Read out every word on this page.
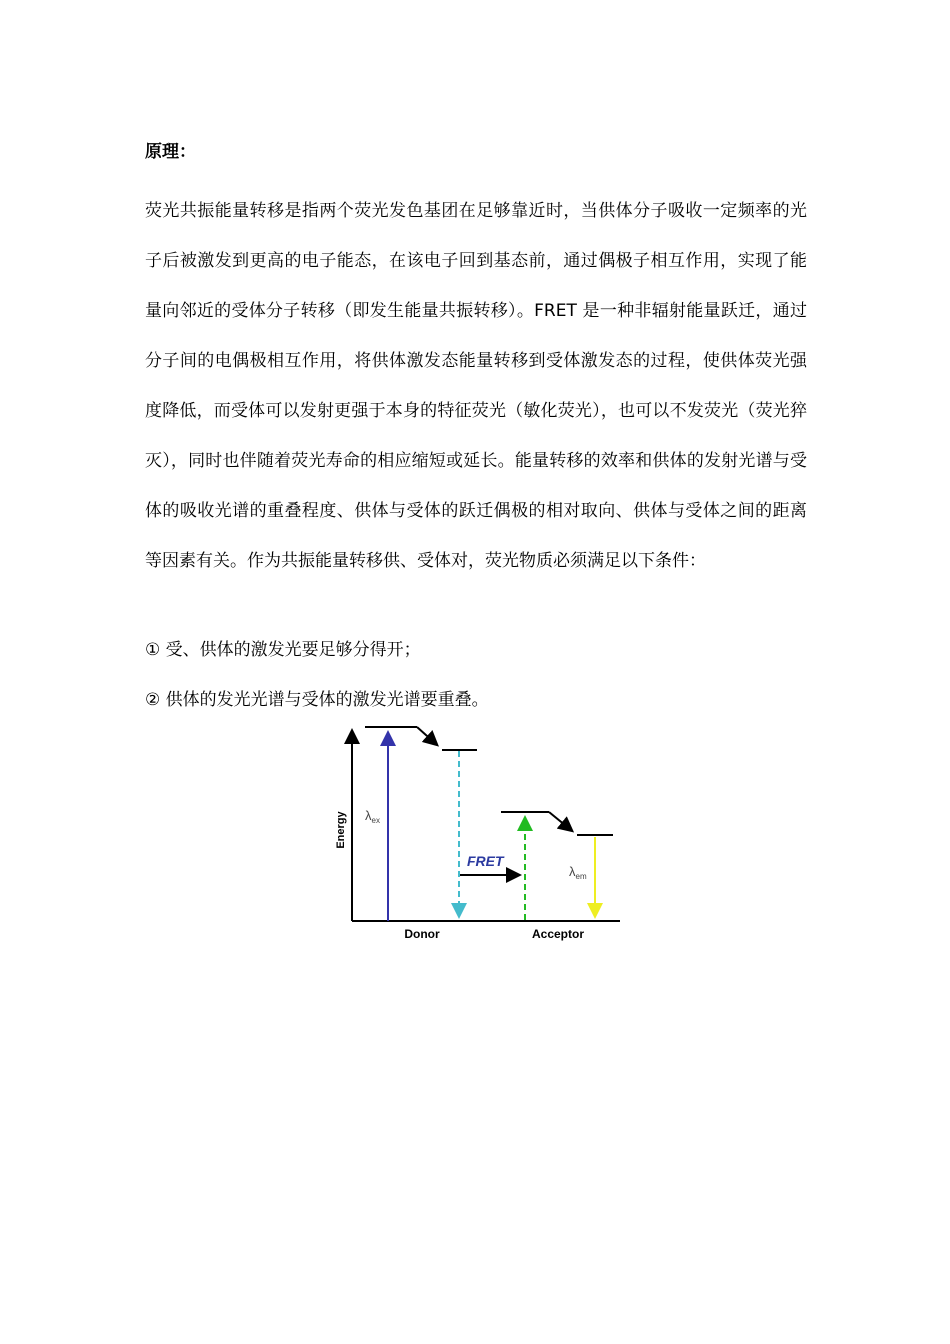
原理：

荧光共振能量转移是指两个荧光发色基团在足够靠近时，当供体分子吸收一定频率的光子后被激发到更高的电子能态，在该电子回到基态前，通过偶极子相互作用，实现了能量向邻近的受体分子转移（即发生能量共振转移）。FRET 是一种非辐射能量跃迁，通过分子间的电偶极相互作用，将供体激发态能量转移到受体激发态的过程，使供体荧光强度降低，而受体可以发射更强于本身的特征荧光（敏化荧光），也可以不发荧光（荧光猝灭），同时也伴随着荧光寿命的相应缩短或延长。能量转移的效率和供体的发射光谱与受体的吸收光谱的重叠程度、供体与受体的跃迁偶极的相对取向、供体与受体之间的距离等因素有关。作为共振能量转移供、受体对，荧光物质必须满足以下条件：

① 受、供体的激发光要足够分得开；
② 供体的发光光谱与受体的激发光谱要重叠。
Energy $\lambda_{ex}$
FRET
$\lambda_{em}$
Donor	Acceptor
